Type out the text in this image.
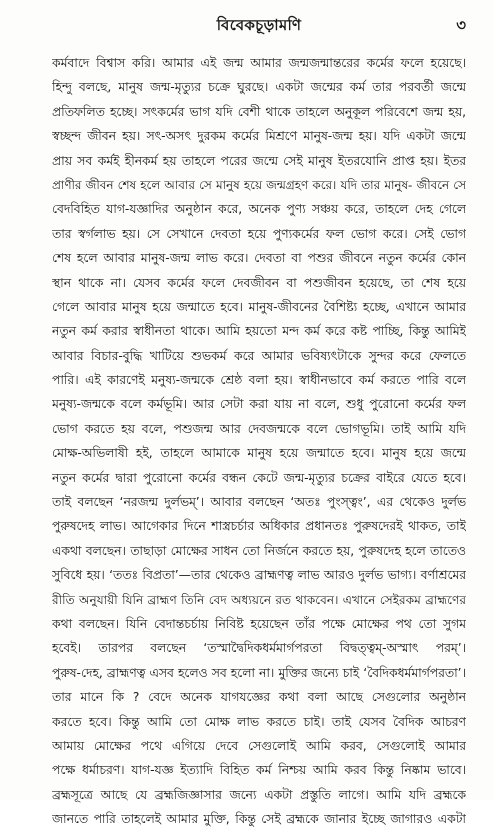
বিবেকচূড়ামণি	৩
কর্মবাদে বিশ্বাস করি। আমার এই জন্ম আমার জন্মজন্মান্তরের কর্মের ফলে হয়েছে।
হিন্দু বলছে, মানুষ জন্ম-মৃত্যুর চক্রে ঘুরছে। একটা জন্মের কর্ম তার পরবর্তী জন্মে
প্রতিফলিত হচ্ছে। সৎকর্মের ভাগ যদি বেশী থাকে তাহলে অনুকূল পরিবেশে জন্ম হয়,
স্বচ্ছন্দ জীবন হয়। সৎ-অসৎ দুরকম কর্মের মিশ্রণে মানুষ-জন্ম হয়। যদি একটা জন্মে
প্রায় সব কর্মই হীনকর্ম হয় তাহলে পরের জন্মে সেই মানুষ ইতরযোনি প্রাপ্ত হয়। ইতর
প্রাণীর জীবন শেষ হলে আবার সে মানুষ হয়ে জন্মগ্রহণ করে। যদি তার মানুষ- জীবনে সে
বেদবিহিত যাগ-যজ্ঞাদির অনুষ্ঠান করে, অনেক পুণ্য সঞ্চয় করে, তাহলে দেহ গেলে
তার স্বর্গলাভ হয়। সে সেখানে দেবতা হয়ে পুণ্যকর্মের ফল ভোগ করে। সেই ভোগ
শেষ হলে আবার মানুষ-জন্ম লাভ করে। দেবতা বা পশুর জীবনে নতুন কর্মের কোন
স্থান থাকে না। যেসব কর্মের ফলে দেবজীবন বা পশুজীবন হয়েছে, তা শেষ হয়ে
গেলে আবার মানুষ হয়ে জন্মাতে হবে। মানুষ-জীবনের বৈশিষ্ট্য হচ্ছে, এখানে আমার
নতুন কর্ম করার স্বাধীনতা থাকে। আমি হয়তো মন্দ কর্ম করে কষ্ট পাচ্ছি, কিন্তু আমিই
আবার বিচার-বুদ্ধি খাটিয়ে শুভকর্ম করে আমার ভবিষ্যৎটাকে সুন্দর করে ফেলতে
পারি। এই কারণেই মনুষ্য-জন্মকে শ্রেষ্ঠ বলা হয়। স্বাধীনভাবে কর্ম করতে পারি বলে
মনুষ্য-জন্মকে বলে কর্মভূমি। আর সেটা করা যায় না বলে, শুধু পুরোনো কর্মের ফল
ভোগ করতে হয় বলে, পশুজন্ম আর দেবজন্মকে বলে ভোগভূমি। তাই আমি যদি
মোক্ষ-অভিলাষী হই, তাহলে আমাকে মানুষ হয়ে জন্মাতে হবে। মানুষ হয়ে জন্মে
নতুন কর্মের দ্বারা পুরোনো কর্মের বন্ধন কেটে জন্ম-মৃত্যুর চক্রের বাইরে যেতে হবে।
তাই বলছেন ‘নরজন্ম দুর্লভম্’। আবার বলছেন ‘অতঃ পুংস্ত্বং’, এর থেকেও দুর্লভ
পুরুষদেহ লাভ। আগেকার দিনে শাস্ত্রচর্চার অধিকার প্রধানতঃ পুরুষদেরই থাকত, তাই
একথা বলছেন। তাছাড়া মোক্ষের সাধন তো নির্জনে করতে হয়, পুরুষদেহ হলে তাতেও
সুবিধে হয়। ‘ততঃ বিপ্রতা’—তার থেকেও ব্রাহ্মণত্ব লাভ আরও দুর্লভ ভাগ্য। বর্ণাশ্রমের
রীতি অনুযায়ী যিনি ব্রাহ্মণ তিনি বেদ অধ্যয়নে রত থাকবেন। এখানে সেইরকম ব্রাহ্মণের
কথা বলছেন। যিনি বেদান্তচর্চায় নিবিষ্ট হয়েছেন তাঁর পক্ষে মোক্ষের পথ তো সুগম
হবেই। তারপর বলছেন ‘তস্মাদ্বৈদিকধর্মমার্গপরতা বিদ্বত্ত্বম্-অস্মাৎ পরম্’।
পুরুষ-দেহ, ব্রাহ্মণত্ব এসব হলেও সব হলো না। মুক্তির জন্যে চাই ‘বৈদিকধর্মমার্গপরতা’।
তার মানে কি ? বেদে অনেক যাগযজ্ঞের কথা বলা আছে সেগুলোর অনুষ্ঠান
করতে হবে। কিন্তু আমি তো মোক্ষ লাভ করতে চাই। তাই যেসব বৈদিক আচরণ
আমায় মোক্ষের পথে এগিয়ে দেবে সেগুলোই আমি করব, সেগুলোই আমার
পক্ষে ধর্মাচরণ। যাগ-যজ্ঞ ইত্যাদি বিহিত কর্ম নিশ্চয় আমি করব কিন্তু নিষ্কাম ভাবে।
ব্রহ্মসূত্রে আছে যে ব্রহ্মজিজ্ঞাসার জন্যে একটা প্রস্তুতি লাগে। আমি যদি ব্রহ্মকে
জানতে পারি তাহলেই আমার মুক্তি, কিন্তু সেই ব্রহ্মকে জানার ইচ্ছে জাগারও একটা
